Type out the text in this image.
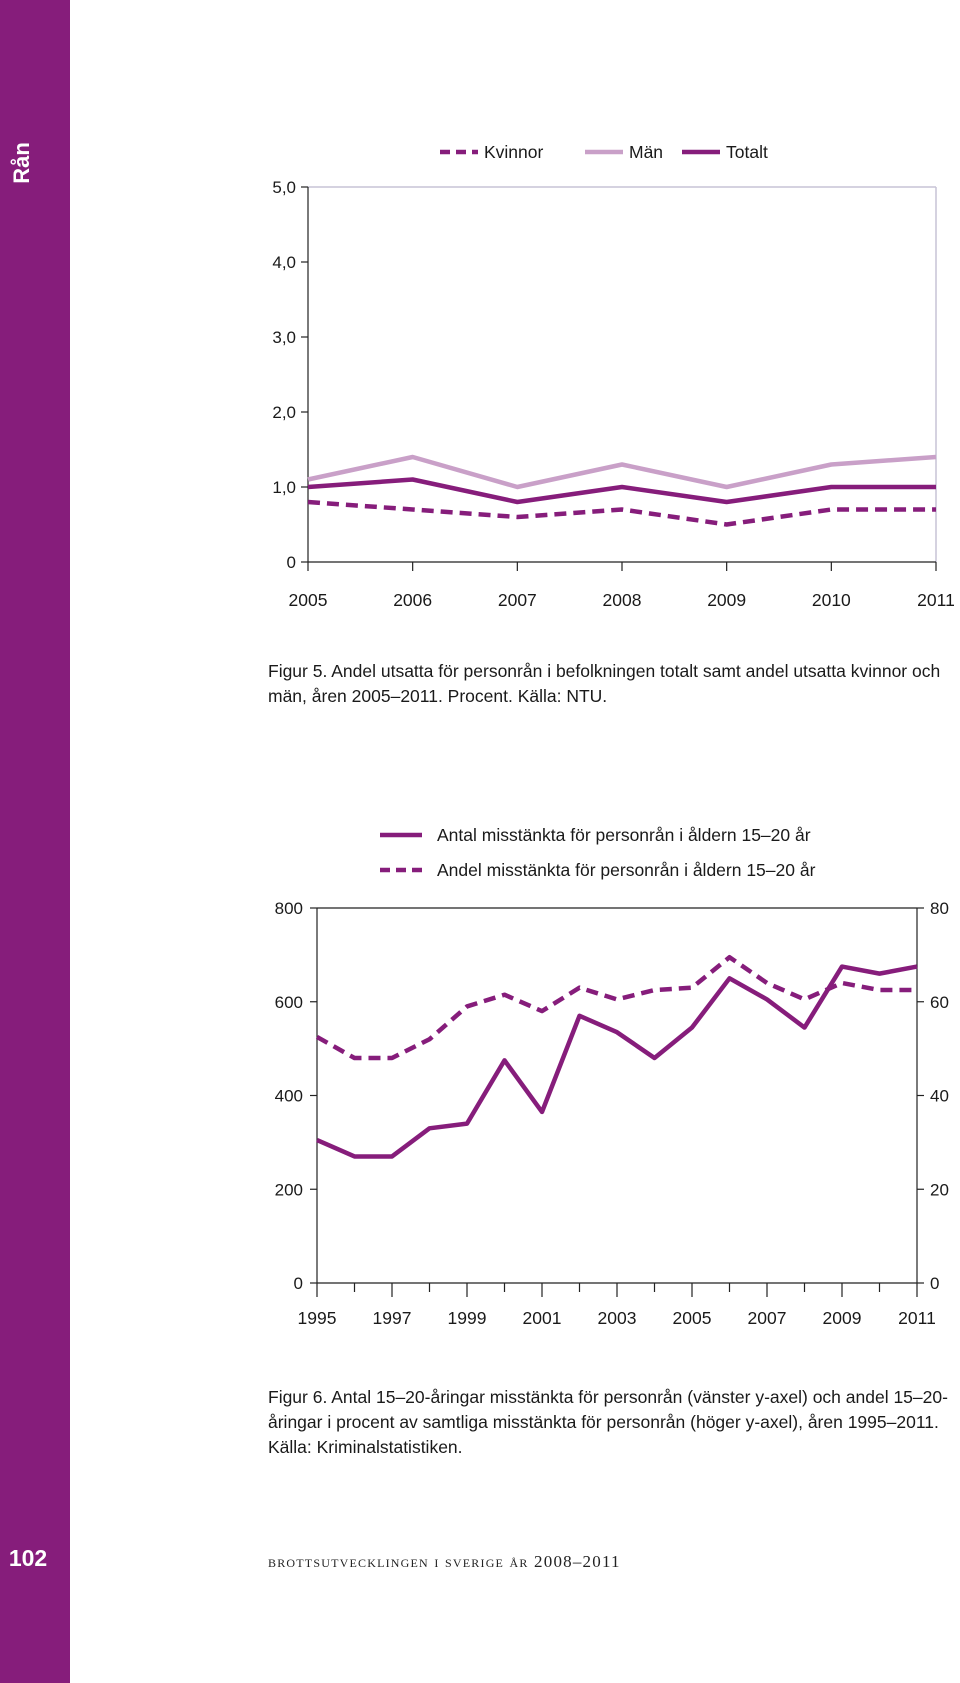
Rån
102
0
1,0
2,0
3,0
4,0
5,0
2005	2006	2007	2008	2009	2010	2011
Kvinnor	Män	Totalt
Figur 5. Andel utsatta för personrån i befolkningen totalt samt andel utsatta kvinnor och män, åren 2005–2011. Procent. Källa: NTU.
0
200
400
600
800
0
20
40
60
80
1995 1997 1999 2001 2003 2005 2007 2009 2011
Antal misstänkta för personrån i åldern 15–20 år
Andel misstänkta för personrån i åldern 15–20 år
Figur 6. Antal 15–20-åringar misstänkta för personrån (vänster y-axel) och andel 15–20-åringar i procent av samtliga misstänkta för personrån (höger y-axel), åren 1995–2011. Källa: Kriminalstatistiken.
brottsutvecklingen i sverige år 2008–2011
